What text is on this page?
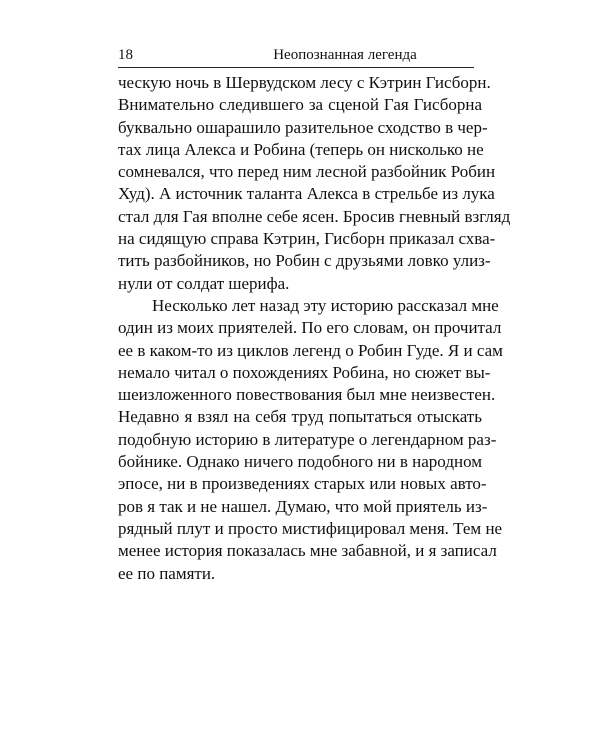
18	Неопознанная легенда
ческую ночь в Шервудском лесу с Кэтрин Гисборн.
Внимательно следившего за сценой Гая Гисборна
буквально ошарашило разительное сходство в чер-
тах лица Алекса и Робина (теперь он нисколько не
сомневался, что перед ним лесной разбойник Робин
Худ). А источник таланта Алекса в стрельбе из лука
стал для Гая вполне себе ясен. Бросив гневный взгляд
на сидящую справа Кэтрин, Гисборн приказал схва-
тить разбойников, но Робин с друзьями ловко улиз-
нули от солдат шерифа.
Несколько лет назад эту историю рассказал мне
один из моих приятелей. По его словам, он прочитал
ее в каком-то из циклов легенд о Робин Гуде. Я и сам
немало читал о похождениях Робина, но сюжет вы-
шеизложенного повествования был мне неизвестен.
Недавно я взял на себя труд попытаться отыскать
подобную историю в литературе о легендарном раз-
бойнике. Однако ничего подобного ни в народном
эпосе, ни в произведениях старых или новых авто-
ров я так и не нашел. Думаю, что мой приятель из-
рядный плут и просто мистифицировал меня. Тем не
менее история показалась мне забавной, и я записал
ее по памяти.
